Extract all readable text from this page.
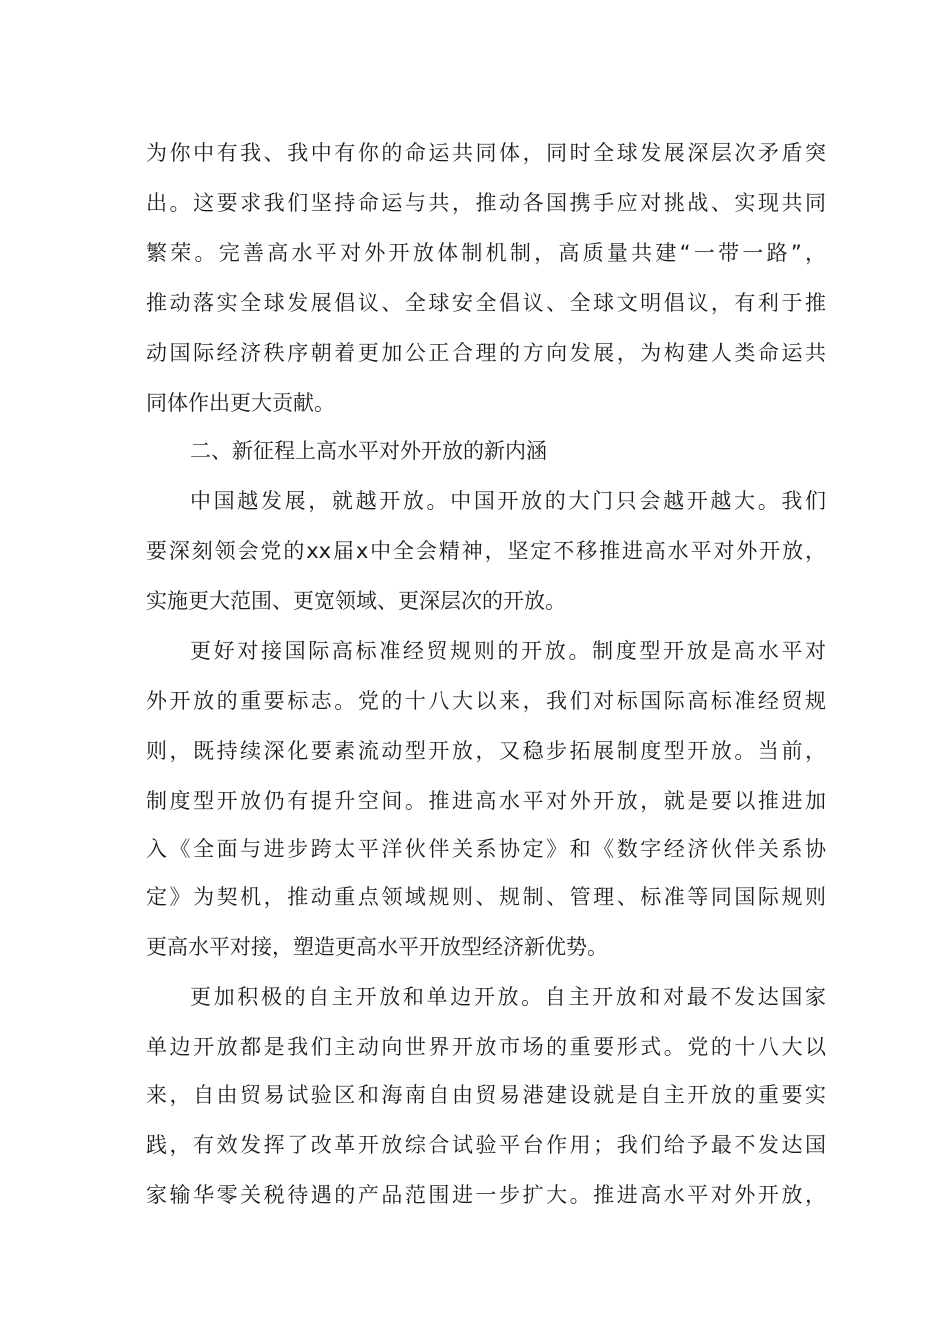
为你中有我、我中有你的命运共同体，同时全球发展深层次矛盾突
出。这要求我们坚持命运与共，推动各国携手应对挑战、实现共同
繁荣。完善高水平对外开放体制机制，高质量共建“一带一路”，
推动落实全球发展倡议、全球安全倡议、全球文明倡议，有利于推
动国际经济秩序朝着更加公正合理的方向发展，为构建人类命运共
同体作出更大贡献。
二、新征程上高水平对外开放的新内涵
中国越发展，就越开放。中国开放的大门只会越开越大。我们
要深刻领会党的xx届x中全会精神，坚定不移推进高水平对外开放，
实施更大范围、更宽领域、更深层次的开放。
更好对接国际高标准经贸规则的开放。制度型开放是高水平对
外开放的重要标志。党的十八大以来，我们对标国际高标准经贸规
则，既持续深化要素流动型开放，又稳步拓展制度型开放。当前，
制度型开放仍有提升空间。推进高水平对外开放，就是要以推进加
入《全面与进步跨太平洋伙伴关系协定》和《数字经济伙伴关系协
定》为契机，推动重点领域规则、规制、管理、标准等同国际规则
更高水平对接，塑造更高水平开放型经济新优势。
更加积极的自主开放和单边开放。自主开放和对最不发达国家
单边开放都是我们主动向世界开放市场的重要形式。党的十八大以
来，自由贸易试验区和海南自由贸易港建设就是自主开放的重要实
践，有效发挥了改革开放综合试验平台作用；我们给予最不发达国
家输华零关税待遇的产品范围进一步扩大。推进高水平对外开放，
